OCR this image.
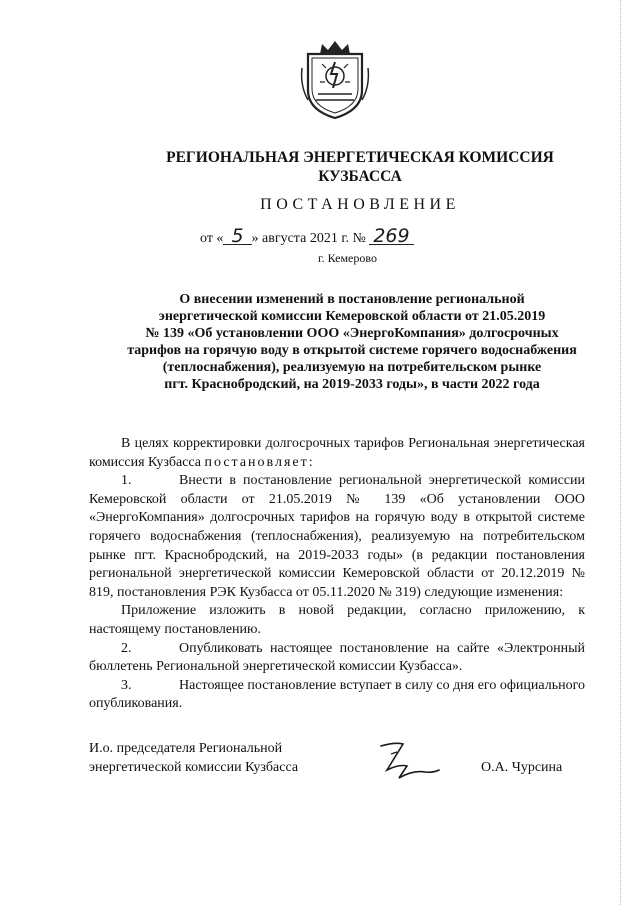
РЕГИОНАЛЬНАЯ ЭНЕРГЕТИЧЕСКАЯ КОМИССИЯ
КУЗБАССА
ПОСТАНОВЛЕНИЕ
от « 5 » августа 2021 г. № 269
г. Кемерово
О внесении изменений в постановление региональной
энергетической комиссии Кемеровской области от 21.05.2019
№ 139 «Об установлении ООО «ЭнергоКомпания» долгосрочных
тарифов на горячую воду в открытой системе горячего водоснабжения
(теплоснабжения), реализуемую на потребительском рынке
пгт. Краснобродский, на 2019-2033 годы», в части 2022 года

В целях корректировки долгосрочных тарифов Региональная энергетическая комиссия Кузбасса постановляет:

1.	Внести в постановление региональной энергетической комиссии Кемеровской области от 21.05.2019 № 139 «Об установлении ООО «ЭнергоКомпания» долгосрочных тарифов на горячую воду в открытой системе горячего водоснабжения (теплоснабжения), реализуемую на потребительском рынке пгт. Краснобродский, на 2019-2033 годы» (в редакции постановления региональной энергетической комиссии Кемеровской области от 20.12.2019 № 819, постановления РЭК Кузбасса от 05.11.2020 № 319) следующие изменения:

Приложение изложить в новой редакции, согласно приложению, к настоящему постановлению.

2.	Опубликовать настоящее постановление на сайте «Электронный бюллетень Региональной энергетической комиссии Кузбасса».

3.	Настоящее постановление вступает в силу со дня его официального опубликования.

И.о. председателя Региональной
энергетической комиссии Кузбасса	О.А. Чурсина
